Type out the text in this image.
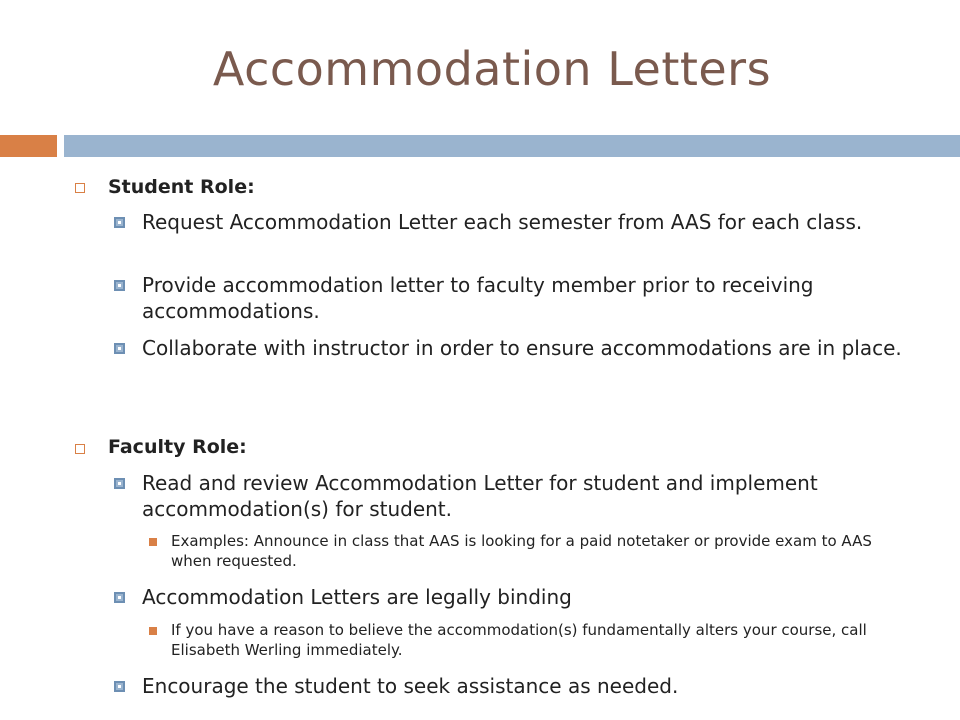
Accommodation Letters
Student Role:
Request Accommodation Letter each semester from AAS for each class.
Provide accommodation letter to faculty member prior to receiving accommodations.
Collaborate with instructor in order to ensure accommodations are in place.
Faculty Role:
Read and review Accommodation Letter for student and implement accommodation(s) for student.
Examples: Announce in class that AAS is looking for a paid notetaker or provide exam to AAS when requested.
Accommodation Letters are legally binding
If you have a reason to believe the accommodation(s) fundamentally alters your course, call Elisabeth Werling immediately.
Encourage the student to seek assistance as needed.
